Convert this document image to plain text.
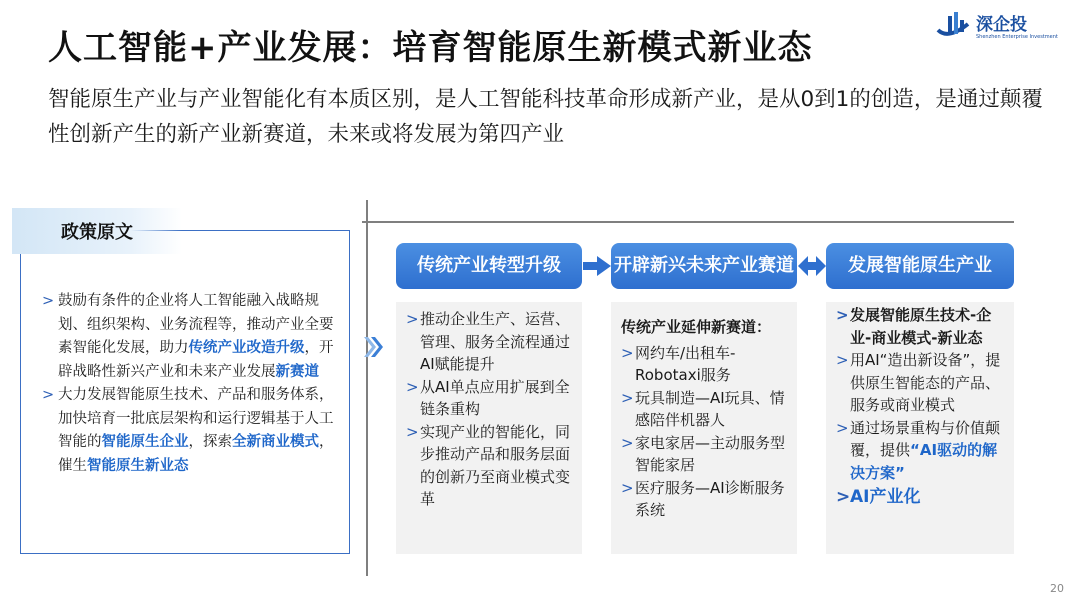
人工智能+产业发展：培育智能原生新模式新业态
深企投
Shenzhen Enterprise Investment
智能原生产业与产业智能化有本质区别，是人工智能科技革命形成新产业，是从0到1的创造，是通过颠覆性创新产生的新产业新赛道，未来或将发展为第四产业
政策原文
> 鼓励有条件的企业将人工智能融入战略规划、组织架构、业务流程等，推动产业全要素智能化发展，助力传统产业改造升级，开辟战略性新兴产业和未来产业发展新赛道
> 大力发展智能原生技术、产品和服务体系，加快培育一批底层架构和运行逻辑基于人工智能的智能原生企业，探索全新商业模式，催生智能原生新业态
传统产业转型升级	开辟新兴未来产业赛道	发展智能原生产业
> 推动企业生产、运营、管理、服务全流程通过AI赋能提升
> 从AI单点应用扩展到全链条重构
> 实现产业的智能化，同步推动产品和服务层面的创新乃至商业模式变革
传统产业延伸新赛道：
> 网约车/出租车-Robotaxi服务
> 玩具制造—AI玩具、情感陪伴机器人
> 家电家居—主动服务型智能家居
> 医疗服务—AI诊断服务系统
> 发展智能原生技术-企业-商业模式-新业态
> 用AI“造出新设备”，提供原生智能态的产品、服务或商业模式
> 通过场景重构与价值颠覆，提供“AI驱动的解决方案”
> AI产业化
20
